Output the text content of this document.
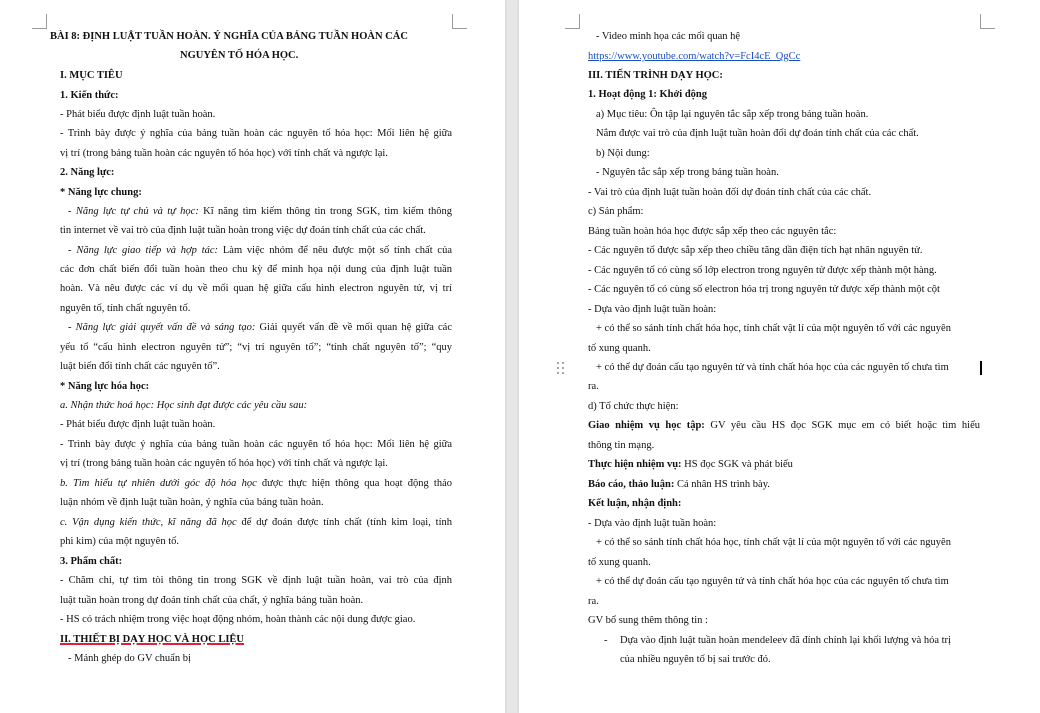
BÀI 8: ĐỊNH LUẬT TUẦN HOÀN. Ý NGHĨA CỦA BẢNG TUẦN HOÀN CÁC
NGUYÊN TỐ HÓA HỌC.
I. MỤC TIÊU
1. Kiến thức:
- Phát biểu được định luật tuần hoàn.
- Trình bày được ý nghĩa của bảng tuần hoàn các nguyên tố hóa học: Mối liên hệ giữa
vị trí (trong bảng tuần hoàn các nguyên tố hóa học) với tính chất và ngược lại.
2. Năng lực:
* Năng lực chung:
- Năng lực tự chủ và tự học: Kĩ năng tìm kiếm thông tin trong SGK, tìm kiếm thông
tin internet về vai trò của định luật tuần hoàn trong việc dự đoán tính chất của các chất.
- Năng lực giao tiếp và hợp tác: Làm việc nhóm để nêu được một số tính chất của
các đơn chất biến đổi tuần hoàn theo chu kỳ để minh họa nội dung của định luật tuần
hoàn. Và nêu được các ví dụ về mối quan hệ giữa cấu hình electron nguyên tử, vị trí
nguyên tố, tính chất nguyên tố.
- Năng lực giải quyết vấn đề và sáng tạo: Giải quyết vấn đề về mối quan hệ giữa các
yếu tố “cấu hình electron nguyên tử”; “vị trí nguyên tố”; “tính chất nguyên tố”; “quy
luật biến đổi tính chất các nguyên tố”.
* Năng lực hóa học:
a. Nhận thức hoá học: Học sinh đạt được các yêu cầu sau:
- Phát biểu được định luật tuần hoàn.
- Trình bày được ý nghĩa của bảng tuần hoàn các nguyên tố hóa học: Mối liên hệ giữa
vị trí (trong bảng tuần hoàn các nguyên tố hóa học) với tính chất và ngược lại.
b. Tìm hiểu tự nhiên dưới góc độ hóa học được thực hiện thông qua hoạt động thảo
luận nhóm về định luật tuần hoàn, ý nghĩa của bảng tuần hoàn.
c. Vận dụng kiến thức, kĩ năng đã học để dự đoán được tính chất (tính kim loại, tính
phi kim) của một nguyên tố.
3. Phẩm chất:
- Chăm chỉ, tự tìm tòi thông tin trong SGK về định luật tuần hoàn, vai trò của định
luật tuần hoàn trong dự đoán tính chất của chất, ý nghĩa bảng tuần hoàn.
- HS có trách nhiệm trong việc hoạt động nhóm, hoàn thành các nội dung được giao.
II. THIẾT BỊ DẠY HỌC VÀ HỌC LIỆU
- Mảnh ghép do GV chuẩn bị
- Video minh họa các mối quan hệ
https://www.youtube.com/watch?v=FcI4cE_QgCc
III. TIẾN TRÌNH DẠY HỌC:
1. Hoạt động 1: Khởi động
a) Mục tiêu: Ôn tập lại nguyên tắc sắp xếp trong bảng tuần hoàn.
Nắm được vai trò của định luật tuần hoàn đối dự đoán tính chất của các chất.
b) Nội dung:
- Nguyên tắc sắp xếp trong bảng tuần hoàn.
- Vai trò của định luật tuần hoàn đối dự đoán tính chất của các chất.
c) Sản phẩm:
Bảng tuần hoàn hóa học được sắp xếp theo các nguyên tắc:
- Các nguyên tố được sắp xếp theo chiều tăng dần điện tích hạt nhân nguyên tử.
- Các nguyên tố có cùng số lớp electron trong nguyên tử được xếp thành một hàng.
- Các nguyên tố có cùng số electron hóa trị trong nguyên tử được xếp thành một cột
- Dựa vào định luật tuần hoàn:
+ có thể so sánh tính chất hóa học, tính chất vật lí của một nguyên tố với các nguyên
tố xung quanh.
+ có thể dự đoán cấu tạo nguyên tử và tính chất hóa học của các nguyên tố chưa tìm
ra.
d) Tổ chức thực hiện:
Giao nhiệm vụ học tập: GV yêu cầu HS đọc SGK mục em có biết hoặc tìm hiểu
thông tin mạng.
Thực hiện nhiệm vụ: HS đọc SGK và phát biểu
Báo cáo, thảo luận: Cá nhân HS trình bày.
Kết luận, nhận định:
- Dựa vào định luật tuần hoàn:
+ có thể so sánh tính chất hóa học, tính chất vật lí của một nguyên tố với các nguyên
tố xung quanh.
+ có thể dự đoán cấu tạo nguyên tử và tính chất hóa học của các nguyên tố chưa tìm
ra.
GV bổ sung thêm thông tin :
- Dựa vào định luật tuần hoàn mendeleev đã đính chính lại khối lượng và hóa trị
của nhiều nguyên tố bị sai trước đó.
